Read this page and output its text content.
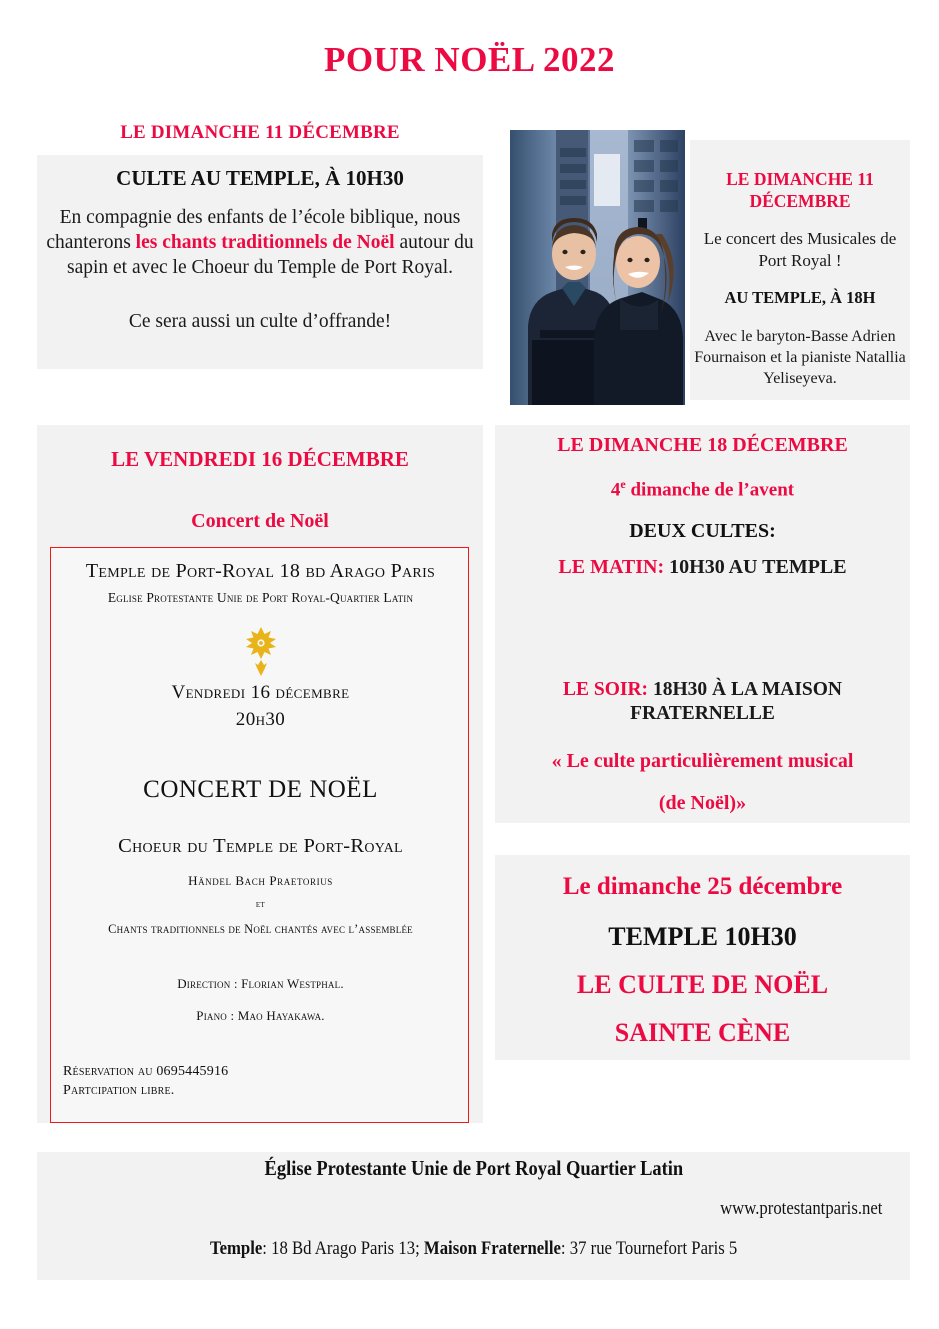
POUR NOËL 2022
LE DIMANCHE 11 DÉCEMBRE
CULTE AU TEMPLE, À 10H30
En compagnie des enfants de l’école biblique, nous chanterons les chants traditionnels de Noël autour du sapin et avec le Choeur du Temple de Port Royal.
Ce sera aussi un culte d’offrande!
LE VENDREDI 16 DÉCEMBRE
Concert de Noël
Temple de Port-Royal 18 bd Arago Paris
Eglise Protestante Unie de Port Royal-Quartier Latin
Vendredi 16 décembre
20h30
CONCERT DE NOËL
Choeur du Temple de Port-Royal
Händel Bach Praetorius
et
Chants traditionnels de Noël chantés avec l’assemblée
Direction : Florian Westphal.
Piano : Mao Hayakawa.
Réservation au 0695445916
Partcipation libre.
LE DIMANCHE 11 DÉCEMBRE
Le concert des Musicales de Port Royal !
AU TEMPLE, À 18H
Avec le baryton-Basse Adrien Fournaison et la pianiste Natallia Yeliseyeva.
LE DIMANCHE 18 DÉCEMBRE
4e dimanche de l’avent
DEUX CULTES:
LE MATIN: 10H30 AU TEMPLE
LE SOIR: 18H30 À LA MAISON FRATERNELLE
« Le culte particulièrement musical
(de Noël)»
Le dimanche 25 décembre
TEMPLE 10H30
LE CULTE DE NOËL
SAINTE CÈNE
Église Protestante Unie de Port Royal Quartier Latin
www.protestantparis.net
Temple: 18 Bd Arago Paris 13; Maison Fraternelle: 37 rue Tournefort Paris 5
